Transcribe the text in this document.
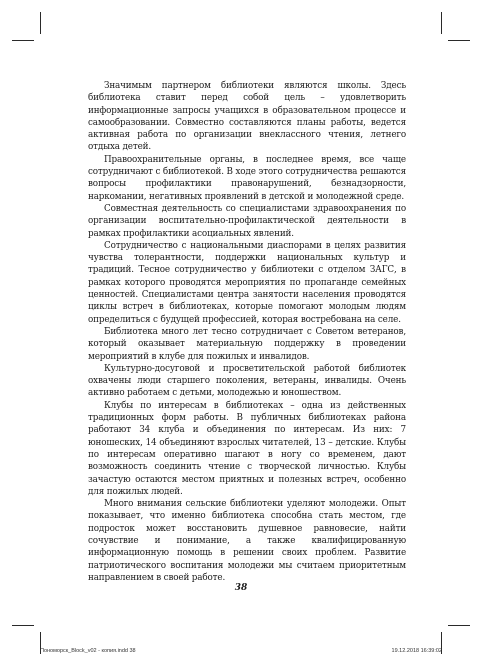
Значимым партнером библиотеки являются школы. Здесь библиотека ставит перед собой цель – удовлетворить информационные запросы учащихся в образовательном процессе и самообразовании. Совместно составляются планы работы, ведется активная работа по организации внеклассного чтения, летнего отдыха детей.

Правоохранительные органы, в последнее время, все чаще сотрудничают с библиотекой. В ходе этого сотрудничества решаются вопросы профилактики правонарушений, безнадзорности, наркомании, негативных проявлений в детской и молодежной среде.

Совместная деятельность со специалистами здравоохранения по организации воспитательно-профилактической деятельности в рамках профилактики асоциальных явлений.

Сотрудничество с национальными диаспорами в целях развития чувства толерантности, поддержки национальных культур и традиций. Тесное сотрудничество у библиотеки с отделом ЗАГС, в рамках которого проводятся мероприятия по пропаганде семейных ценностей. Специалистами центра занятости населения проводятся циклы встреч в библиотеках, которые помогают молодым людям определиться с будущей профессией, которая востребована на селе.

Библиотека много лет тесно сотрудничает с Советом ветеранов, который оказывает материальную поддержку в проведении мероприятий в клубе для пожилых и инвалидов.

Культурно-досуговой и просветительской работой библиотек охвачены люди старшего поколения, ветераны, инвалиды. Очень активно работаем с детьми, молодежью и юношеством.

Клубы по интересам в библиотеках – одна из действенных традиционных форм работы. В публичных библиотеках района работают 34 клуба и объединения по интересам. Из них: 7 юношеских, 14 объединяют взрослых читателей, 13 – детские. Клубы по интересам оперативно шагают в ногу со временем, дают возможность соединить чтение с творческой личностью. Клубы зачастую остаются местом приятных и полезных встреч, особенно для пожилых людей.

Много внимания сельские библиотеки уделяют молодежи. Опыт показывает, что именно библиотека способна стать местом, где подросток может восстановить душевное равновесие, найти сочувствие и понимание, а также квалифицированную информационную помощь в решении своих проблем. Развитие патриотического воспитания молодежи мы считаем приоритетным направлением в своей работе.

38
Пономорск_Block_v02 - копия.indd 38	19.12.2018 16:39:02
